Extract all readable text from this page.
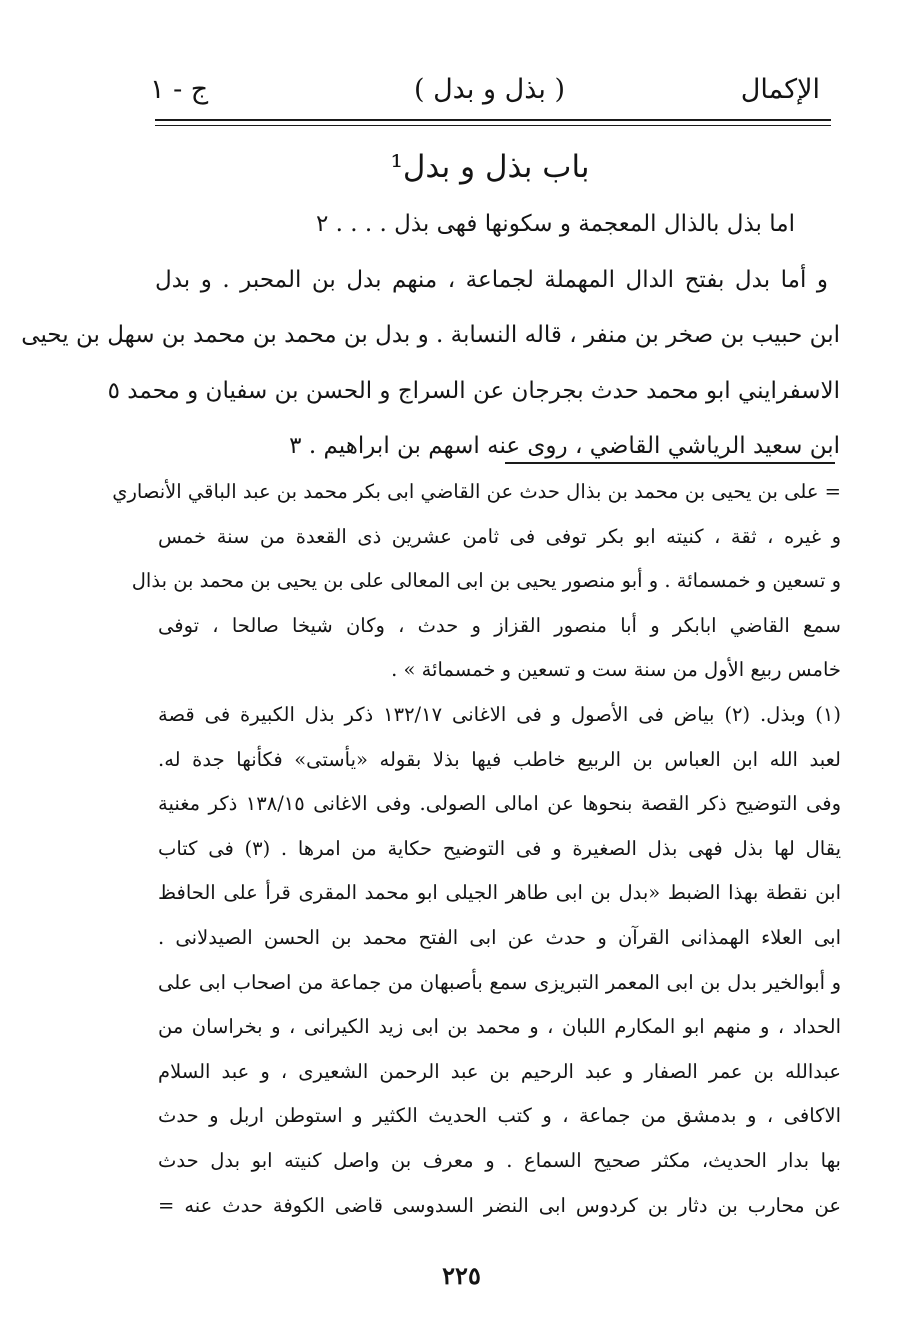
الإكمال
( بذل و بدل )
ج - ١
باب بذل و بدل¹
اما بذل بالذال المعجمة و سكونها فهى بذل . . . . ٢
و أما بدل بفتح الدال المهملة لجماعة ، منهم بدل بن المحبر . و بدل
ابن حبيب بن صخر بن منفر ، قاله النسابة . و بدل بن محمد بن محمد بن سهل بن يحيى
الاسفرايني ابو محمد حدث بجرجان عن السراج و الحسن بن سفيان و محمد ٥
ابن سعيد الرياشي القاضي ، روى عنه اسهم بن ابراهيم . ٣
= على بن يحيى بن محمد بن بذال حدث عن القاضي ابى بكر محمد بن عبد الباقي الأنصاري
و غيره ، ثقة ، كنيته ابو بكر توفى فى ثامن عشرين ذى القعدة من سنة خمس
و تسعين و خمسمائة . و أبو منصور يحيى بن ابى المعالى على بن يحيى بن محمد بن بذال
سمع القاضي ابابكر و أبا منصور القزاز و حدث ، وكان شيخا صالحا ، توفى
خامس ربيع الأول من سنة ست و تسعين و خمسمائة » .
(١) وبذل. (٢) بياض فى الأصول و فى الاغانى ١٣٢/١٧ ذكر بذل الكبيرة فى قصة
لعبد الله ابن العباس بن الربيع خاطب فيها بذلا بقوله «يأستى» فكأنها جدة له.
وفى التوضيح ذكر القصة بنحوها عن امالى الصولى. وفى الاغانى ١٣٨/١٥ ذكر مغنية
يقال لها بذل فهى بذل الصغيرة و فى التوضيح حكاية من امرها . (٣) فى كتاب
ابن نقطة بهذا الضبط «بدل بن ابى طاهر الجيلى ابو محمد المقرى قرأ على الحافظ
ابى العلاء الهمذانى القرآن و حدث عن ابى الفتح محمد بن الحسن الصيدلانى .
و أبوالخير بدل بن ابى المعمر التبريزى سمع بأصبهان من جماعة من اصحاب ابى على
الحداد ، و منهم ابو المكارم اللبان ، و محمد بن ابى زيد الكيرانى ، و بخراسان من
عبدالله بن عمر الصفار و عبد الرحيم بن عبد الرحمن الشعيرى ، و عبد السلام
الاكافى ، و بدمشق من جماعة ، و كتب الحديث الكثير و استوطن اربل و حدث
بها بدار الحديث، مكثر صحيح السماع . و معرف بن واصل كنيته ابو بدل حدث
عن محارب بن دثار بن كردوس ابى النضر السدوسى قاضى الكوفة حدث عنه =
٢٢٥
